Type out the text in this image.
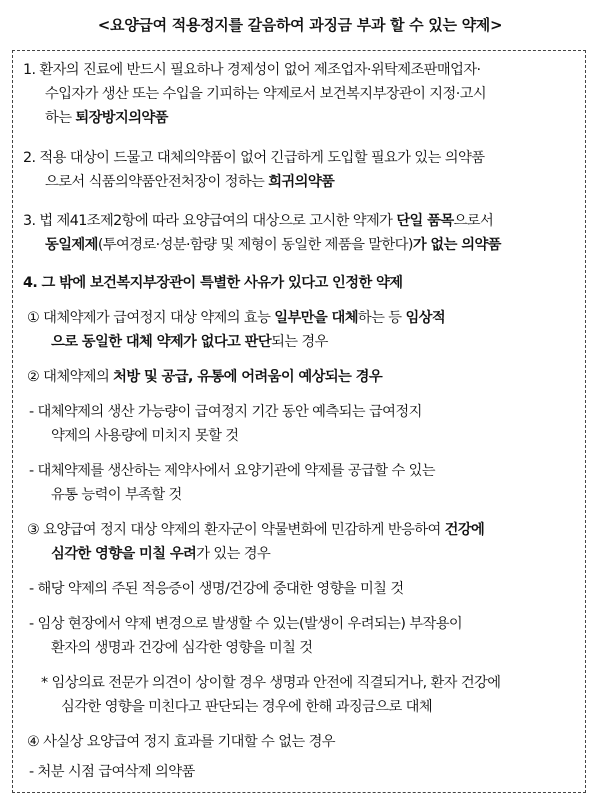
<요양급여 적용정지를 갈음하여 과징금 부과 할 수 있는 약제>
1. 환자의 진료에 반드시 필요하나 경제성이 없어 제조업자·위탁제조판매업자·
수입자가 생산 또는 수입을 기피하는 약제로서 보건복지부장관이 지정·고시
하는 퇴장방지의약품
2. 적용 대상이 드물고 대체의약품이 없어 긴급하게 도입할 필요가 있는 의약품
으로서 식품의약품안전처장이 정하는 희귀의약품
3. 법 제41조제2항에 따라 요양급여의 대상으로 고시한 약제가 단일 품목으로서
동일제제(투여경로·성분·함량 및 제형이 동일한 제품을 말한다)가 없는 의약품
4. 그 밖에 보건복지부장관이 특별한 사유가 있다고 인정한 약제
① 대체약제가 급여정지 대상 약제의 효능 일부만을 대체하는 등 임상적
으로 동일한 대체 약제가 없다고 판단되는 경우
② 대체약제의 처방 및 공급, 유통에 어려움이 예상되는 경우
- 대체약제의 생산 가능량이 급여정지 기간 동안 예측되는 급여정지
약제의 사용량에 미치지 못할 것
- 대체약제를 생산하는 제약사에서 요양기관에 약제를 공급할 수 있는
유통 능력이 부족할 것
③ 요양급여 정지 대상 약제의 환자군이 약물변화에 민감하게 반응하여 건강에
심각한 영향을 미칠 우려가 있는 경우
- 해당 약제의 주된 적응증이 생명/건강에 중대한 영향을 미칠 것
- 임상 현장에서 약제 변경으로 발생할 수 있는(발생이 우려되는) 부작용이
환자의 생명과 건강에 심각한 영향을 미칠 것
* 임상의료 전문가 의견이 상이할 경우 생명과 안전에 직결되거나, 환자 건강에
심각한 영향을 미친다고 판단되는 경우에 한해 과징금으로 대체
④ 사실상 요양급여 정지 효과를 기대할 수 없는 경우
- 처분 시점 급여삭제 의약품
